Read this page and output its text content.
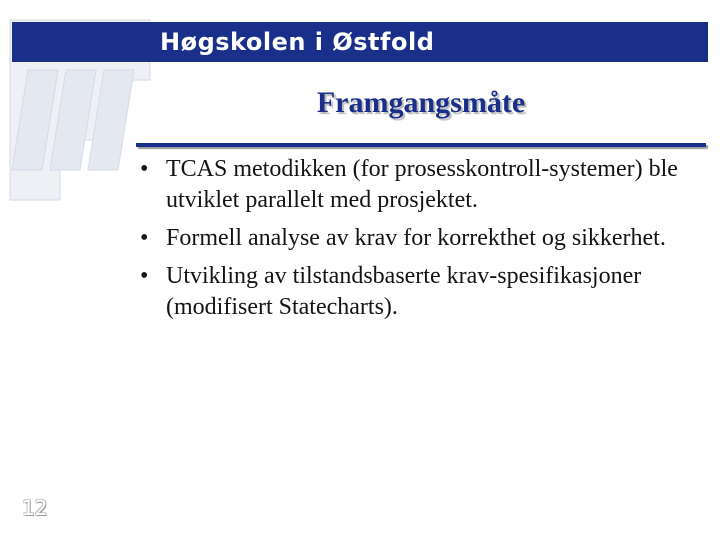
Høgskolen i Østfold
Framgangsmåte
• TCAS metodikken (for prosesskontroll-systemer) ble utviklet parallelt med prosjektet.
• Formell analyse av krav for korrekthet og sikkerhet.
• Utvikling av tilstandsbaserte krav-spesifikasjoner (modifisert Statecharts).
12
